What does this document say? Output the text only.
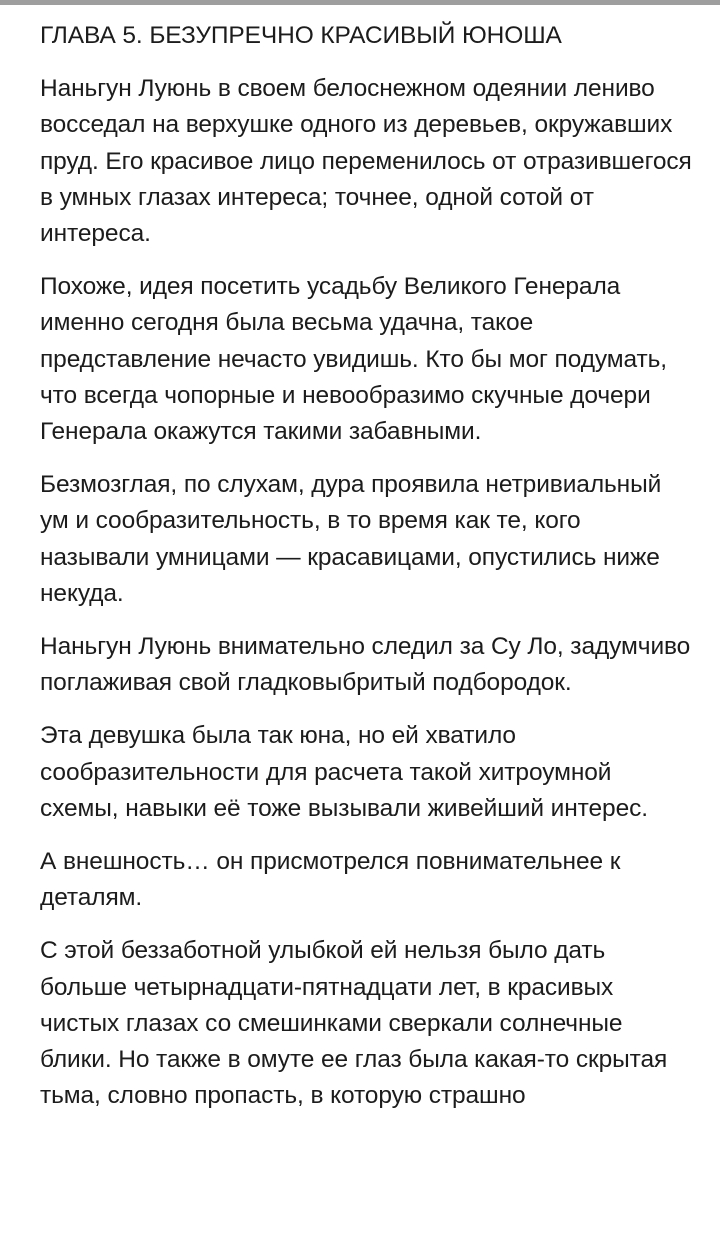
ГЛАВА 5. БЕЗУПРЕЧНО КРАСИВЫЙ ЮНОША

Наньгун Луюнь в своем белоснежном одеянии лениво восседал на верхушке одного из деревьев, окружавших пруд. Его красивое лицо переменилось от отразившегося в умных глазах интереса; точнее, одной сотой от интереса.

Похоже, идея посетить усадьбу Великого Генерала именно сегодня была весьма удачна, такое представление нечасто увидишь. Кто бы мог подумать, что всегда чопорные и невообразимо скучные дочери Генерала окажутся такими забавными.

Безмозглая, по слухам, дура проявила нетривиальный ум и сообразительность, в то время как те, кого называли умницами — красавицами, опустились ниже некуда.

Наньгун Луюнь внимательно следил за Су Ло, задумчиво поглаживая свой гладковыбритый подбородок.

Эта девушка была так юна, но ей хватило сообразительности для расчета такой хитроумной схемы, навыки её тоже вызывали живейший интерес.

А внешность… он присмотрелся повнимательнее к деталям.

С этой беззаботной улыбкой ей нельзя было дать больше четырнадцати-пятнадцати лет, в красивых чистых глазах со смешинками сверкали солнечные блики. Но также в омуте ее глаз была какая-то скрытая тьма, словно пропасть, в которую страшно
